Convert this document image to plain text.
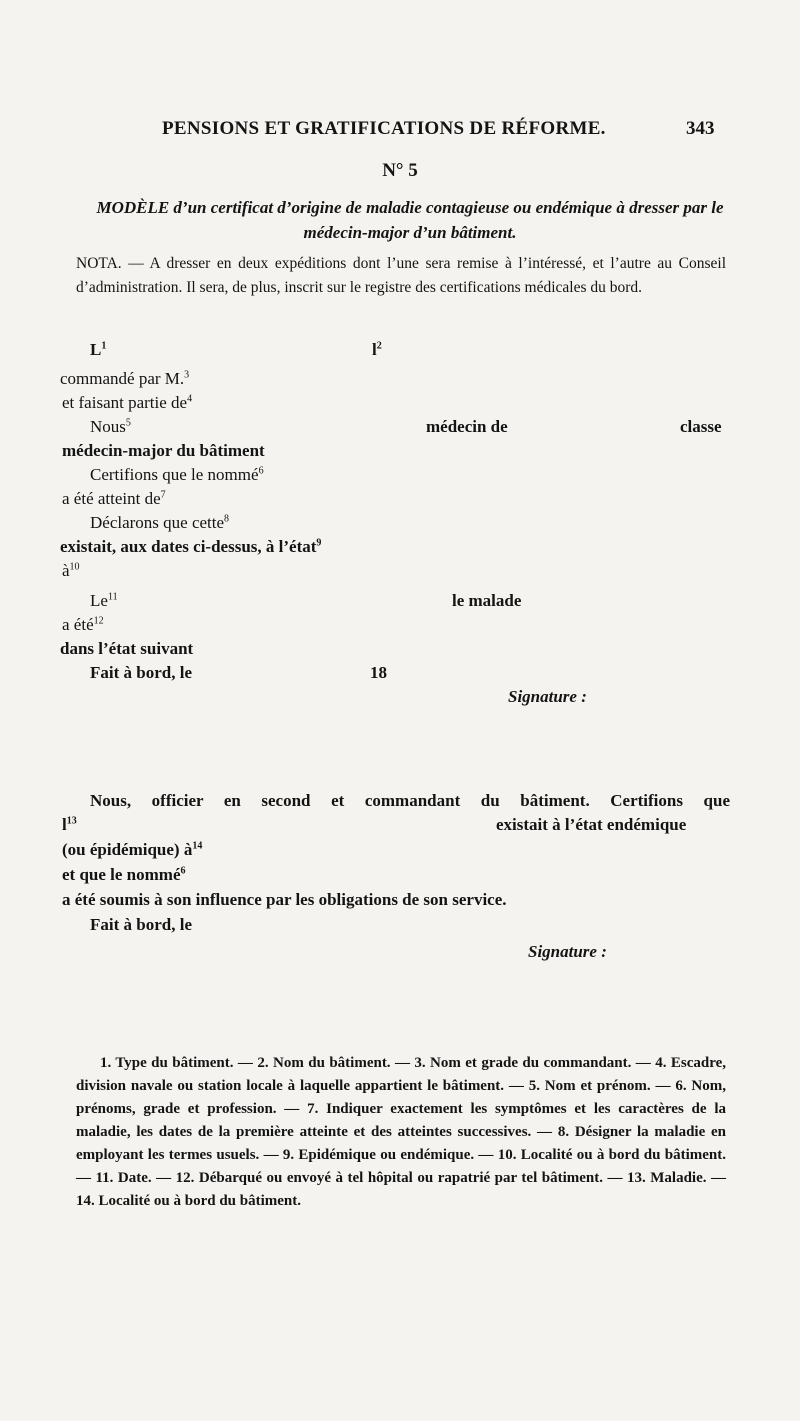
PENSIONS ET GRATIFICATIONS DE RÉFORME.	343
N° 5
MODÈLE d’un certificat d’origine de maladie contagieuse ou endémique à dresser par le médecin-major d’un bâtiment.
NOTA. — A dresser en deux expéditions dont l’une sera remise à l’intéressé, et l’autre au Conseil d’administration. Il sera, de plus, inscrit sur le registre des certifications médicales du bord.
$L^1$	$l^2$
commandé par M.$^3$
et faisant partie $de^4$
Nous$^5$	médecin de	classe
médecin-major du bâtiment
Certifions que le nommé$^6$
a été atteint $de^7$
Déclarons que cette$^8$
existait, aux dates ci-dessus, à l’état$^9$
$à^{10}$
Le$^{11}$	le malade
a été$^{12}$
dans l’état suivant
Fait à bord, le	18
Signature :
Nous, officier en second et commandant du bâtiment. Certifions que
$l^{13}$	existait à l’état endémique
(ou épidémique) $à^{14}$
et que le nommé$^6$
a été soumis à son influence par les obligations de son service.
Fait à bord, le
Signature :
1. Type du bâtiment. — 2. Nom du bâtiment. — 3. Nom et grade du commandant. — 4. Escadre, division navale ou station locale à laquelle appartient le bâtiment. — 5. Nom et prénom. — 6. Nom, prénoms, grade et profession. — 7. Indiquer exactement les symptômes et les caractères de la maladie, les dates de la première atteinte et des atteintes successives. — 8. Désigner la maladie en employant les termes usuels. — 9. Epidémique ou endémique. — 10. Localité ou à bord du bâtiment. — 11. Date. — 12. Débarqué ou envoyé à tel hôpital ou rapatrié par tel bâtiment. — 13. Maladie. — 14. Localité ou à bord du bâtiment.
